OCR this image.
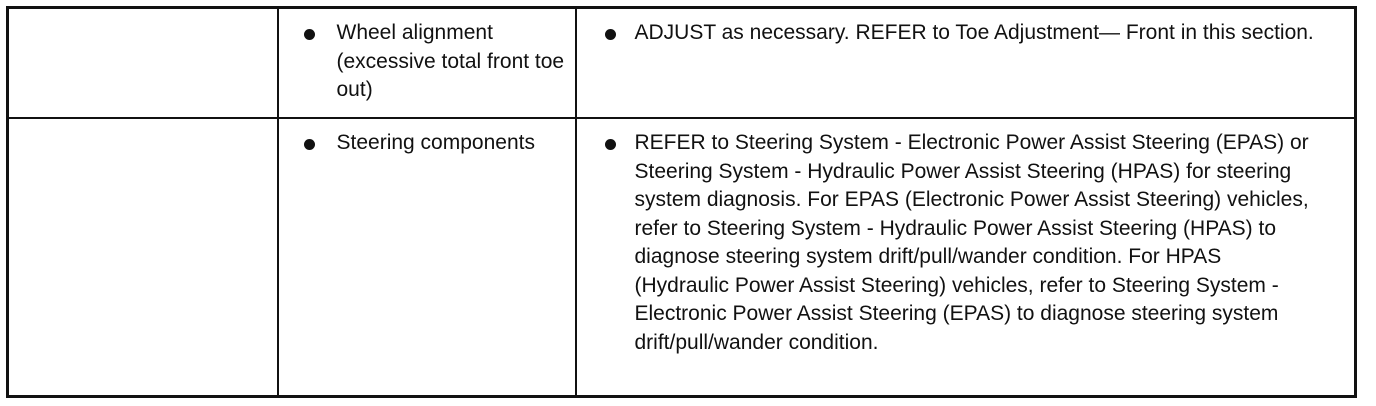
	Wheel alignment (excessive total front toe out)	ADJUST as necessary. REFER to Toe Adjustment— Front in this section.

	Steering components	REFER to Steering System - Electronic Power Assist Steering (EPAS) or Steering System - Hydraulic Power Assist Steering (HPAS) for steering system diagnosis. For EPAS (Electronic Power Assist Steering) vehicles, refer to Steering System - Hydraulic Power Assist Steering (HPAS) to diagnose steering system drift/pull/wander condition. For HPAS (Hydraulic Power Assist Steering) vehicles, refer to Steering System - Electronic Power Assist Steering (EPAS) to diagnose steering system drift/pull/wander condition.
